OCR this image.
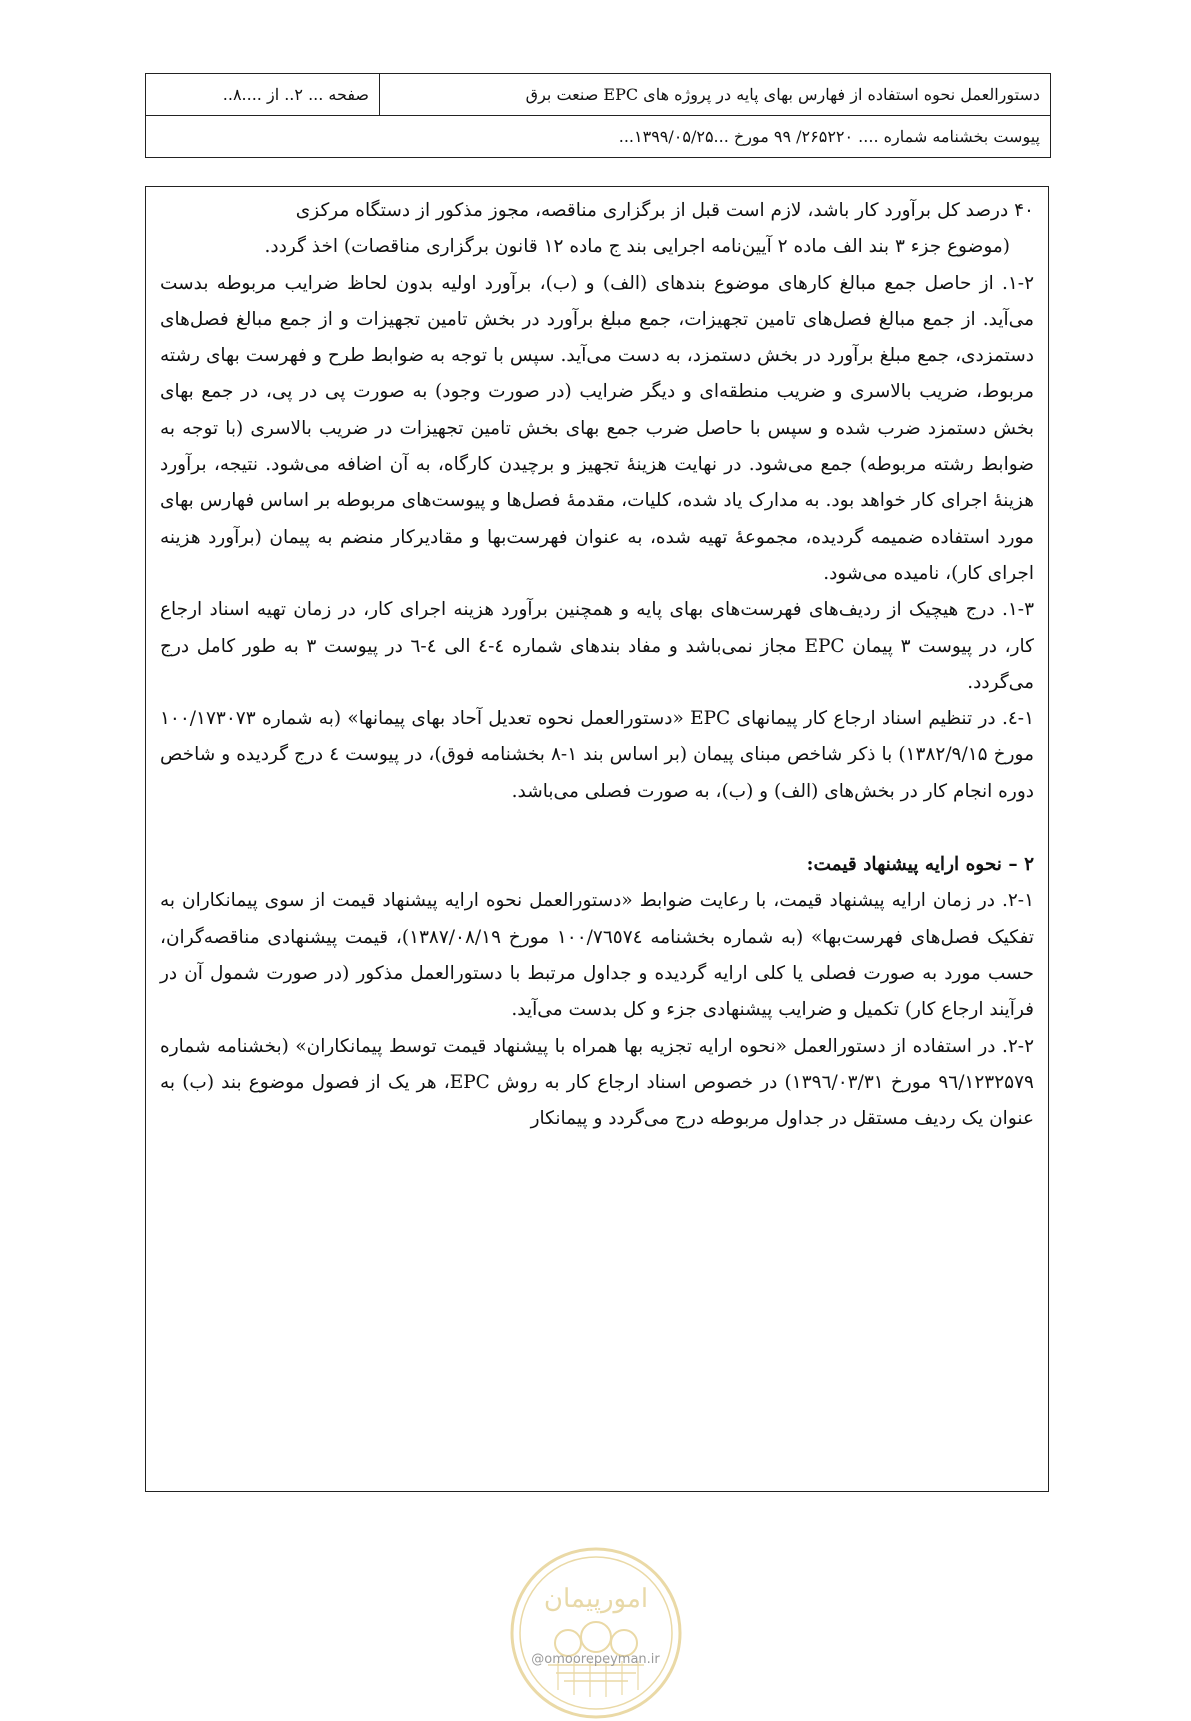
دستورالعمل نحوه استفاده از فهارس بهای پایه در پروژه های EPC صنعت برق
صفحه ... ۲.. از ....۸..
پیوست بخشنامه شماره .... ۲۶۵۲۲۰/ ۹۹ مورخ ...۱۳۹۹/۰۵/۲۵...

۴۰ درصد کل برآورد کار باشد، لازم است قبل از برگزاری مناقصه، مجوز مذکور از دستگاه مرکزی

(موضوع جزء ۳ بند الف ماده ۲ آیین‌نامه اجرایی بند ج ماده ۱۲ قانون برگزاری مناقصات) اخذ گردد.

۱-۲. از حاصل جمع مبالغ کارهای موضوع بندهای (الف) و (ب)، برآورد اولیه بدون لحاظ ضرایب مربوطه بدست می‌آید. از جمع مبالغ فصل‌های تامین تجهیزات، جمع مبلغ برآورد در بخش تامین تجهیزات و از جمع مبالغ فصل‌های دستمزدی، جمع مبلغ برآورد در بخش دستمزد، به دست می‌آید. سپس با توجه به ضوابط طرح و فهرست بهای رشته مربوط، ضریب بالاسری و ضریب منطقه‌ای و دیگر ضرایب (در صورت وجود) به صورت پی در پی، در جمع بهای بخش دستمزد ضرب شده و سپس با حاصل ضرب جمع بهای بخش تامین تجهیزات در ضریب بالاسری (با توجه به ضوابط رشته مربوطه) جمع می‌شود. در نهایت هزینهٔ تجهیز و برچیدن کارگاه، به آن اضافه می‌شود. نتیجه، برآورد هزینهٔ اجرای کار خواهد بود. به مدارک یاد شده، کلیات، مقدمهٔ فصل‌ها و پیوست‌های مربوطه بر اساس فهارس بهای مورد استفاده ضمیمه گردیده، مجموعهٔ تهیه شده، به عنوان فهرست‌بها و مقادیرکار منضم به پیمان (برآورد هزینه اجرای کار)، نامیده می‌شود.

۱-۳. درج هیچیک از ردیف‌های فهرست‌های بهای پایه و همچنین برآورد هزینه اجرای کار، در زمان تهیه اسناد ارجاع کار، در پیوست ۳ پیمان EPC مجاز نمی‌باشد و مفاد بندهای شماره ٤-٤ الی ٤-٦ در پیوست ۳ به طور کامل درج می‌گردد.

۱-٤. در تنظیم اسناد ارجاع کار پیمانهای EPC «دستورالعمل نحوه تعدیل آحاد بهای پیمانها» (به شماره ۱۰۰/۱۷۳۰۷۳ مورخ ۱۳۸۲/۹/۱۵) با ذکر شاخص مبنای پیمان (بر اساس بند ۱-۸ بخشنامه فوق)، در پیوست ٤ درج گردیده و شاخص دوره انجام کار در بخش‌های (الف) و (ب)، به صورت فصلی می‌باشد.

۲ – نحوه ارایه پیشنهاد قیمت:

۲-۱. در زمان ارایه پیشنهاد قیمت، با رعایت ضوابط «دستورالعمل نحوه ارایه پیشنهاد قیمت از سوی پیمانکاران به تفکیک فصل‌های فهرست‌بها» (به شماره بخشنامه ۱۰۰/۷٦٥٧٤ مورخ ۱۳۸۷/۰۸/۱۹)، قیمت پیشنهادی مناقصه‌گران، حسب مورد به صورت فصلی یا کلی ارایه گردیده و جداول مرتبط با دستورالعمل مذکور (در صورت شمول آن در فرآیند ارجاع کار) تکمیل و ضرایب پیشنهادی جزء و کل بدست می‌آید.

۲-۲. در استفاده از دستورالعمل «نحوه ارایه تجزیه بها همراه با پیشنهاد قیمت توسط پیمانکاران» (بخشنامه شماره ۹٦/۱۲۳۲۵۷۹ مورخ ۱۳۹٦/۰۳/۳۱) در خصوص اسناد ارجاع کار به روش EPC، هر یک از فصول موضوع بند (ب) به عنوان یک ردیف مستقل در جداول مربوطه درج می‌گردد و پیمانکار

امورپیمان
@omoorepeyman.ir
